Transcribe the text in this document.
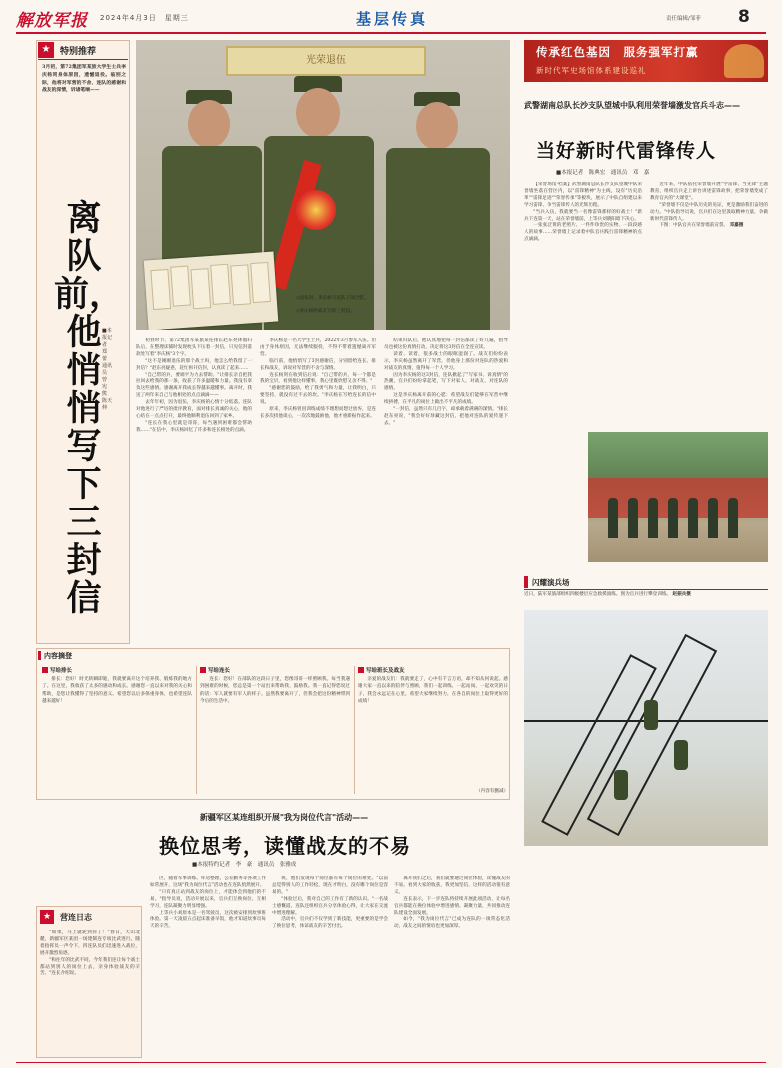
解放军报 2024年4月3日　星期三	基层传真	责任编辑/邹菲 8
★	特别推荐
3月初，第72集团军某旅大学生士兵李庆杨同身体原因，遗憾退役。临别之际，他将对军营的不舍、连队的感谢和战友的深情，诉诸笔端——
离队前，他悄悄写下三封信
■本报记者　郑　蕾　通讯员　曾　宪　熊　陈天伸
光荣退伍
◇退伍时，李庆杨与连队干部合影。 申　庆摄
◇李庆杨给战友写的三封信。 陈泽浩摄

初春时节，第72集团军某旅某连排长赵东亮休假归队后，在整理床铺时发现枕头下压着一封信，只见信封落款处写着"李庆杨"3个字。

"这不是刚刚退伍的那个战士吗，他怎么给我留了一封信？"赵东亮疑惑，赶忙拆开信封，认真读了起来……

"自己带的兵，要端平为力去帮助。"让排长亲自把我拉回去给我的那一条，收获了许多温暖和力量。我没有辜负这些感情。感谢离开我成长得越来越懂事。离开时，我送了两年来自己与他相处的点点滴滴——

去年年初，因为退伍，李庆杨的心情十分低落。连队对他进行了严厉的批评教育，面对排长真诚的关心，他的心结在一点点打开，最终他顺利退伍回到了家乡。

"连长在我心里就是哥哥，每当遇到困难都会帮助我……"在信中，李庆杨回忆了许多和连长相处的点滴。

李庆杨是一名大学生士兵，2022年3月参军入伍。但由于身体原因，无法继续服役，不得不带着遗憾离开军营。

临行前，他悄悄写了3封感谢信，分别留给连长、排长和战友，诉说对军营的不舍与深情。

连长杨剑在收到信后说："自己带的兵，每一个都是我的宝贝，看到他这样懂事，我心里既欣慰又舍不得。"

"感谢您的鼓励，给了我勇气和力量，让我明白，只要坚持，就没有过不去的坎。"李庆杨在写给连长的信中说。

原来，李庆杨曾因训练成绩不理想而想过放弃，是连长多次找他谈心，一次次地鼓励他，他才重新振作起来。

结束归队后，他认真地把每一封信都读了好几遍，指导员也被这份真情打动，决定将这3封信在全连宣读。

读着、读着，很多战士的眼眶湿润了。战友们纷纷表示，李庆杨虽然离开了军营，但他身上那份对连队的热爱和对战友的真情，值得每一个人学习。

因为李庆杨的这3封信，连队掀起了"写家书、诉真情"的热潮，官兵们纷纷拿起笔，写下对家人、对战友、对连队的感情。

这是李庆杨离开前的心愿：希望战友们能够在军营中继续拼搏，在平凡的岗位上做出不平凡的成绩。

"一封信，虽然只有几百字，却承载着满满的深情。"排长赵东亮说，"我会好好珍藏这封信，把他对连队的爱传递下去。"

传承红色基因　服务强军打赢
新时代军史场馆体系建设巡礼
武警湖南总队长沙支队望城中队利用荣誉墙激发官兵斗志——
当好新时代雷锋传人
■本报记者　陈典宏　通讯员　邓　嘉

【荣誉场馆·档案】武警湖南总队长沙支队望城中队荣誉墙坐落在营区内，以"雷锋精神"为主线，设有"历史沿革""雷锋足迹""荣誉传承"等板块，展示了中队自组建以来学习雷锋、争当雷锋传人的光辉历程。

"当兵入伍，我就要当一名像雷锋那样的好战士！"新兵下连第一天，站在荣誉墙前，上等兵刘晓阳暗下决心。

一张张泛黄的老照片、一件件珍贵的实物、一段段感人的故事……荣誉墙上记录着中队官兵践行雷锋精神的点点滴滴。

近年来，中队依托荣誉墙开展"学雷锋、当先锋"主题教育，组织官兵走上讲台讲述雷锋故事，把荣誉墙变成了教育官兵的"大课堂"。

"荣誉墙不仅是中队历史的见证，更是激励我们奋进的动力。"中队指导员说，官兵们在这里汲取精神力量，争做新时代雷锋传人。

下图：中队官兵在荣誉墙前宣誓。 邓嘉摄

闪耀演兵场
近日，陆军某旅部组织四级楼层应急救援演练。图为官兵进行攀登训练。 赵振兵摄
内容摘登
写给排长

排长：您好！时光转瞬即逝，我就要离开这个培养我、锻炼我的地方了。在这里，我收获了太多的感动和成长。感谢您一直以来对我的关心和帮助，是您让我懂得了坚持的意义。希望您以后多保重身体，也希望连队越来越好！

写给连长

连长：您好！在部队的这段日子里，您像哥哥一样照顾我。每当我遇到困难的时候，您总是第一个站出来帮助我、鼓励我。我一直记得您说过的话：军人就要有军人的样子。虽然我要离开了，但我会把这份精神带到今后的生活中。

写给班长及战友

亲爱的战友们：我就要走了，心中有千言万语，却不知从何说起。感谢大家一直以来的陪伴与照顾，我们一起训练、一起站岗、一起欢笑的日子，我会永远记在心里。希望大家继续努力，在各自的岗位上取得更好的成绩！

（内容有删减）
新疆军区某连组织开展"我为岗位代言"活动——
换位思考，读懂战友的不易
■本报特约记者　李　豪　通讯员　张雅成
★	营连日志

"如果，马上就轮到你了！"春日，天山北麓，新疆军区某团一场建制连专项比武进行。随着指挥员一声令下，四连队员们迅速进入战位，展开激烈角逐。

"和往年的比武不同，今年我们连让每个战士都站到别人的岗位上去，亲身体验战友的辛苦。"连长介绍说。

区，随着军事训练、库房整理、公差勤务等各项工作如常展开，这场"我为岗位代言"活动也在连队悄然展开。

"只有真正站到战友的岗位上，才能体会到他们的不易。"指导员说，活动开展以来，官兵们互换岗位、互相学习，连队凝聚力明显增强。

上等兵小刘原本是一名驾驶员，这次被安排到炊事班体验。第一天凌晨五点起床准备早饭，他才知道炊事员每天的辛苦。

班，他们发现每个岗位都有每个岗位的难处。"以前总觉得别人的工作轻松，现在才明白，没有哪个岗位是容易的。"

"体验过后，我对自己的工作有了新的认识。"一名战士感慨道。连队还组织官兵分享体验心得，让大家在交流中增进理解。

活动中，官兵们不仅学到了新技能，更重要的是学会了换位思考，体谅战友的辛苦付出。

离开我们之后，我们就要通过岗位体验，读懂战友的不易。看到大家的收获，我更加坚信，这样的活动很有意义。

连长表示，下一步连队将持续开展此项活动，让每名官兵都能在换位体验中增进感情、凝聚力量，共同推动连队建设全面发展。

如今，"我为岗位代言"已成为连队的一项常态化活动，战友之间的情谊也更加深厚。
